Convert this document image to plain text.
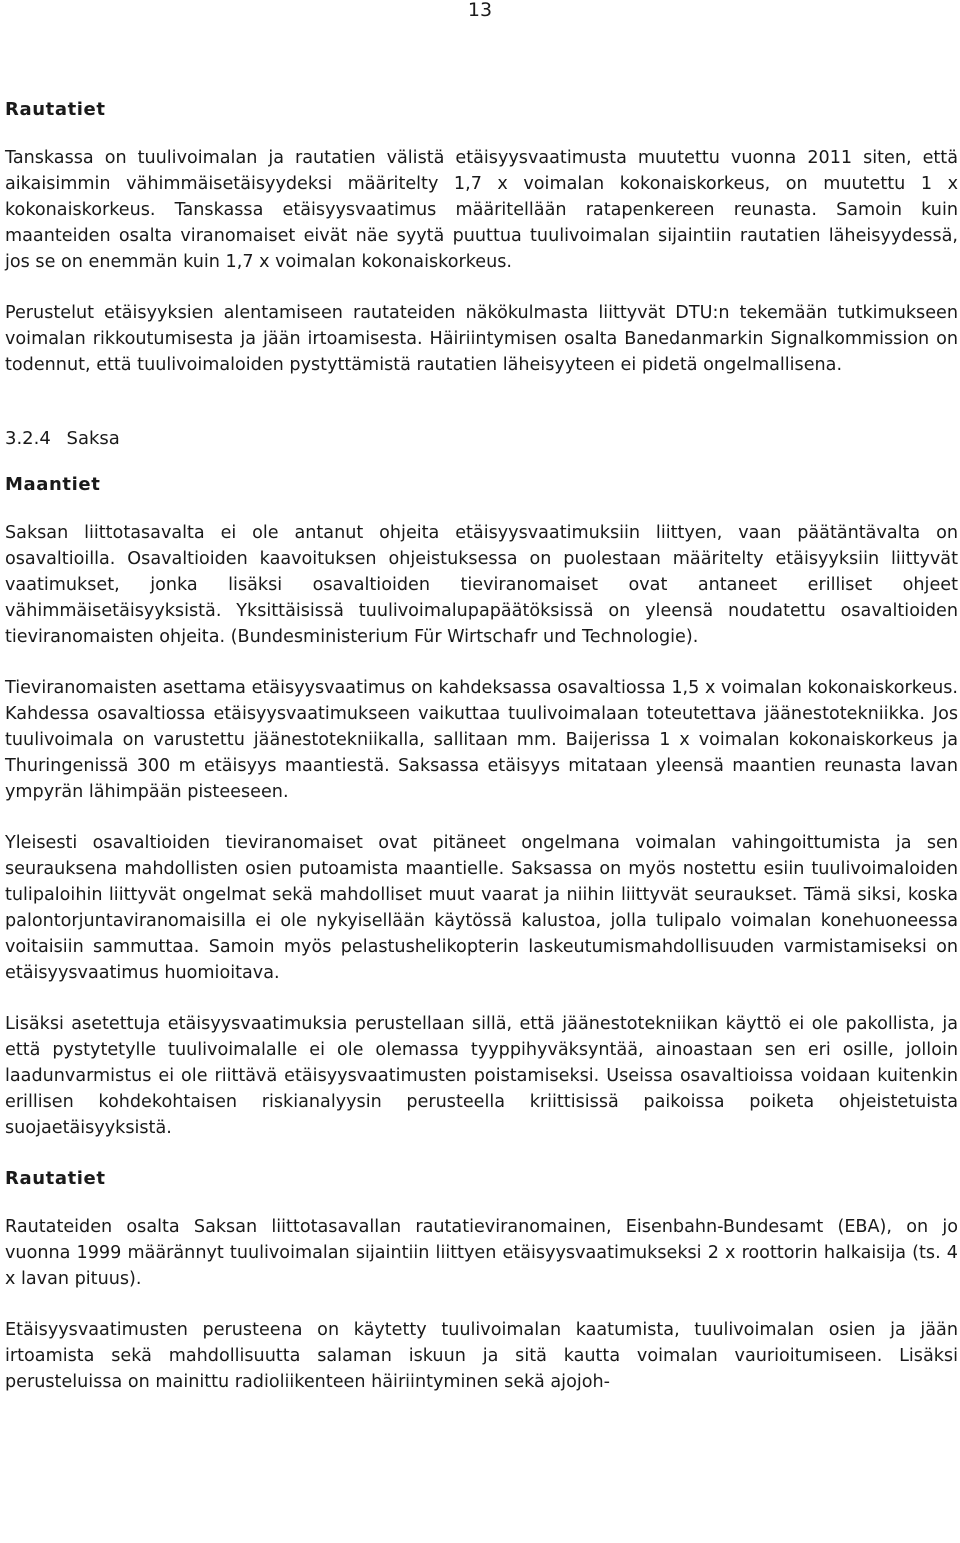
13
Rautatiet

Tanskassa on tuulivoimalan ja rautatien välistä etäisyysvaatimusta muutettu vuonna 2011 siten, että aikaisimmin vähimmäisetäisyydeksi määritelty 1,7 x voimalan kokonaiskorkeus, on muutettu 1 x kokonaiskorkeus. Tanskassa etäisyysvaatimus määritellään ratapenkereen reunasta. Samoin kuin maanteiden osalta viranomaiset eivät näe syytä puuttua tuulivoimalan sijaintiin rautatien läheisyydessä, jos se on enemmän kuin 1,7 x voimalan kokonaiskorkeus.

Perustelut etäisyyksien alentamiseen rautateiden näkökulmasta liittyvät DTU:n tekemään tutkimukseen voimalan rikkoutumisesta ja jään irtoamisesta. Häiriintymisen osalta Banedanmarkin Signalkommission on todennut, että tuulivoimaloiden pystyttämistä rautatien läheisyyteen ei pidetä ongelmallisena.

3.2.4 Saksa
Maantiet

Saksan liittotasavalta ei ole antanut ohjeita etäisyysvaatimuksiin liittyen, vaan päätäntävalta on osavaltioilla. Osavaltioiden kaavoituksen ohjeistuksessa on puolestaan määritelty etäisyyksiin liittyvät vaatimukset, jonka lisäksi osavaltioiden tieviranomaiset ovat antaneet erilliset ohjeet vähimmäisetäisyyksistä. Yksittäisissä tuulivoimalupapäätöksissä on yleensä noudatettu osavaltioiden tieviranomaisten ohjeita. (Bundesministerium Für Wirtschafr und Technologie).

Tieviranomaisten asettama etäisyysvaatimus on kahdeksassa osavaltiossa 1,5 x voimalan kokonaiskorkeus. Kahdessa osavaltiossa etäisyysvaatimukseen vaikuttaa tuulivoimalaan toteutettava jäänestotekniikka. Jos tuulivoimala on varustettu jäänestotekniikalla, sallitaan mm. Baijerissa 1 x voimalan kokonaiskorkeus ja Thuringenissä 300 m etäisyys maantiestä. Saksassa etäisyys mitataan yleensä maantien reunasta lavan ympyrän lähimpään pisteeseen.

Yleisesti osavaltioiden tieviranomaiset ovat pitäneet ongelmana voimalan vahingoittumista ja sen seurauksena mahdollisten osien putoamista maantielle. Saksassa on myös nostettu esiin tuulivoimaloiden tulipaloihin liittyvät ongelmat sekä mahdolliset muut vaarat ja niihin liittyvät seuraukset. Tämä siksi, koska palontorjuntaviranomaisilla ei ole nykyisellään käytössä kalustoa, jolla tulipalo voimalan konehuoneessa voitaisiin sammuttaa. Samoin myös pelastushelikopterin laskeutumismahdollisuuden varmistamiseksi on etäisyysvaatimus huomioitava.

Lisäksi asetettuja etäisyysvaatimuksia perustellaan sillä, että jäänestotekniikan käyttö ei ole pakollista, ja että pystytetylle tuulivoimalalle ei ole olemassa tyyppihyväksyntää, ainoastaan sen eri osille, jolloin laadunvarmistus ei ole riittävä etäisyysvaatimusten poistamiseksi. Useissa osavaltioissa voidaan kuitenkin erillisen kohdekohtaisen riskianalyysin perusteella kriittisissä paikoissa poiketa ohjeistetuista suojaetäisyyksistä.

Rautatiet

Rautateiden osalta Saksan liittotasavallan rautatieviranomainen, Eisenbahn-Bundesamt (EBA), on jo vuonna 1999 määrännyt tuulivoimalan sijaintiin liittyen etäisyysvaatimukseksi 2 x roottorin halkaisija (ts. 4 x lavan pituus).

Etäisyysvaatimusten perusteena on käytetty tuulivoimalan kaatumista, tuulivoimalan osien ja jään irtoamista sekä mahdollisuutta salaman iskuun ja sitä kautta voimalan vaurioitumiseen. Lisäksi perusteluissa on mainittu radioliikenteen häiriintyminen sekä ajojoh-
